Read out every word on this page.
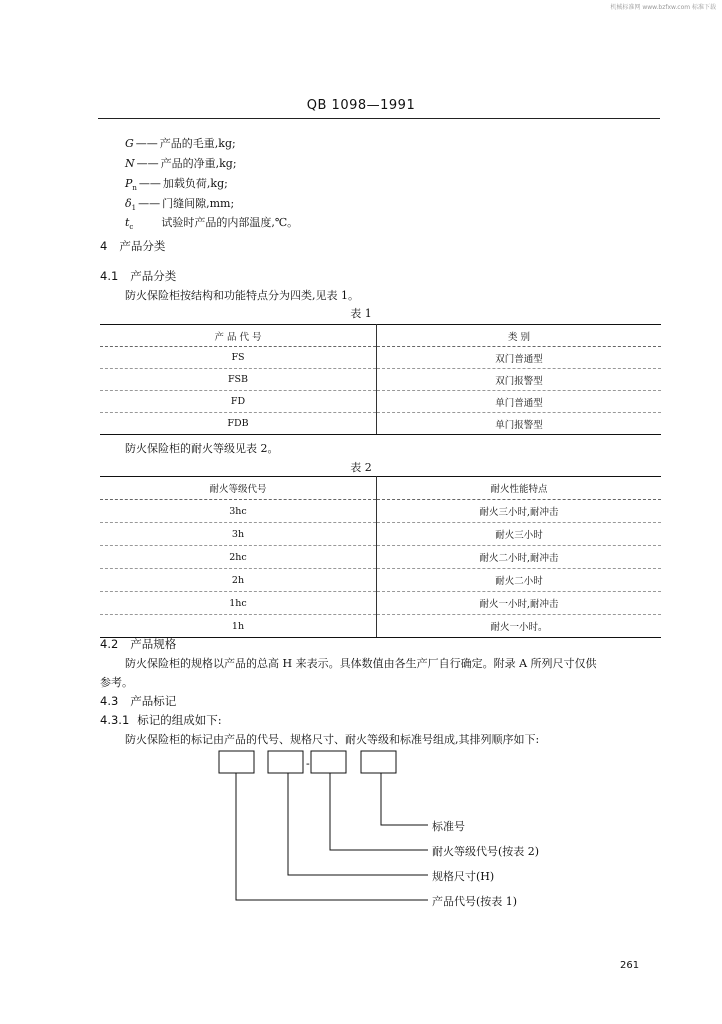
机械标准网 www.bzfxw.com 标准下载
QB 1098—1991
G —— 产品的毛重,kg;
N —— 产品的净重,kg;
$P_n$ —— 加载负荷,kg;
$\delta_1$ —— 门缝间隙,mm;
$t_c$	试验时产品的内部温度,℃。
4 产品分类
4.1 产品分类
防火保险柜按结构和功能特点分为四类,见表 1。
表 1
产 品 代 号	类 别
FS	双门普通型
FSB	双门报警型
FD	单门普通型
FDB	单门报警型
防火保险柜的耐火等级见表 2。
表 2
耐火等级代号	耐火性能特点
3hc	耐火三小时,耐冲击
3h	耐火三小时
2hc	耐火二小时,耐冲击
2h	耐火二小时
1hc	耐火一小时,耐冲击
1h	耐火一小时。
4.2 产品规格
防火保险柜的规格以产品的总高 H 来表示。具体数值由各生产厂自行确定。附录 A 所列尺寸仅供
参考。
4.3 产品标记
4.3.1 标记的组成如下:
防火保险柜的标记由产品的代号、规格尺寸、耐火等级和标准号组成,其排列顺序如下:
-
标准号
耐火等级代号(按表 2)
规格尺寸(H)
产品代号(按表 1)
261
